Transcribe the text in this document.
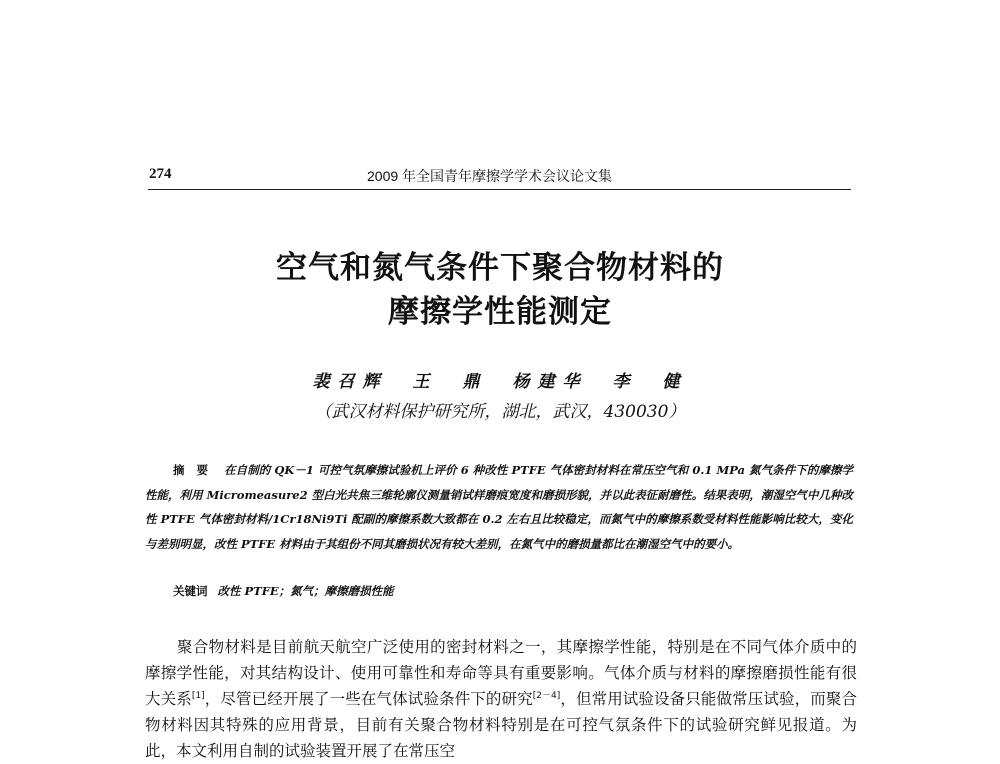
274	2009 年全国青年摩擦学学术会议论文集
空气和氮气条件下聚合物材料的
摩擦学性能测定
裴召辉　王　鼎　杨建华　李　健
（武汉材料保护研究所，湖北，武汉，430030）
摘要 在自制的 QK－1 可控气氛摩擦试验机上评价 6 种改性 PTFE 气体密封材料在常压空气和 0.1 MPa 氮气条件下的摩擦学性能，利用 Micromeasure2 型白光共焦三维轮廓仪测量销试样磨痕宽度和磨损形貌，并以此表征耐磨性。结果表明，潮湿空气中几种改性 PTFE 气体密封材料/1Cr18Ni9Ti 配副的摩擦系数大致都在 0.2 左右且比较稳定，而氮气中的摩擦系数受材料性能影响比较大，变化与差别明显，改性 PTFE 材料由于其组份不同其磨损状况有较大差别，在氮气中的磨损量都比在潮湿空气中的要小。
关键词 改性 PTFE；氮气；摩擦磨损性能
聚合物材料是目前航天航空广泛使用的密封材料之一，其摩擦学性能，特别是在不同气体介质中的摩擦学性能，对其结构设计、使用可靠性和寿命等具有重要影响。气体介质与材料的摩擦磨损性能有很大关系[1]，尽管已经开展了一些在气体试验条件下的研究[2－4]，但常用试验设备只能做常压试验，而聚合物材料因其特殊的应用背景，目前有关聚合物材料特别是在可控气氛条件下的试验研究鲜见报道。为此，本文利用自制的试验装置开展了在常压空
